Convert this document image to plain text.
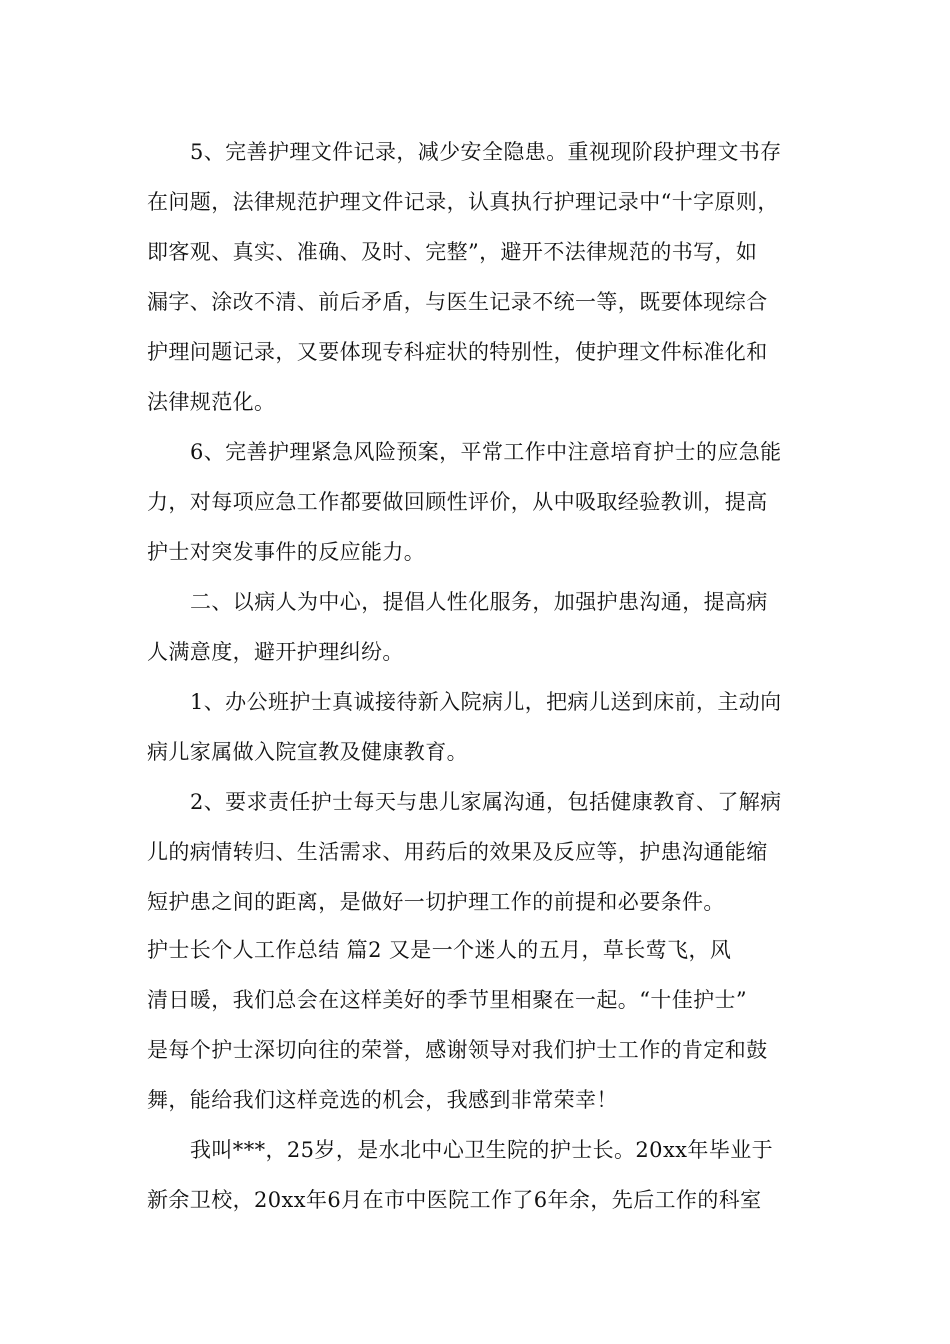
5、完善护理文件记录，减少安全隐患。重视现阶段护理文书存
在问题，法律规范护理文件记录，认真执行护理记录中“十字原则，
即客观、真实、准确、及时、完整”，避开不法律规范的书写，如
漏字、涂改不清、前后矛盾，与医生记录不统一等，既要体现综合
护理问题记录，又要体现专科症状的特别性，使护理文件标准化和
法律规范化。
6、完善护理紧急风险预案，平常工作中注意培育护士的应急能
力，对每项应急工作都要做回顾性评价，从中吸取经验教训，提高
护士对突发事件的反应能力。
二、以病人为中心，提倡人性化服务，加强护患沟通，提高病
人满意度，避开护理纠纷。
1、办公班护士真诚接待新入院病儿，把病儿送到床前，主动向
病儿家属做入院宣教及健康教育。
2、要求责任护士每天与患儿家属沟通，包括健康教育、了解病
儿的病情转归、生活需求、用药后的效果及反应等，护患沟通能缩
短护患之间的距离，是做好一切护理工作的前提和必要条件。
护士长个人工作总结 篇2 又是一个迷人的五月，草长莺飞，风
清日暖，我们总会在这样美好的季节里相聚在一起。“十佳护士”
是每个护士深切向往的荣誉，感谢领导对我们护士工作的肯定和鼓
舞，能给我们这样竞选的机会，我感到非常荣幸！
我叫***，25岁，是水北中心卫生院的护士长。20xx年毕业于
新余卫校，20xx年6月在市中医院工作了6年余，先后工作的科室
